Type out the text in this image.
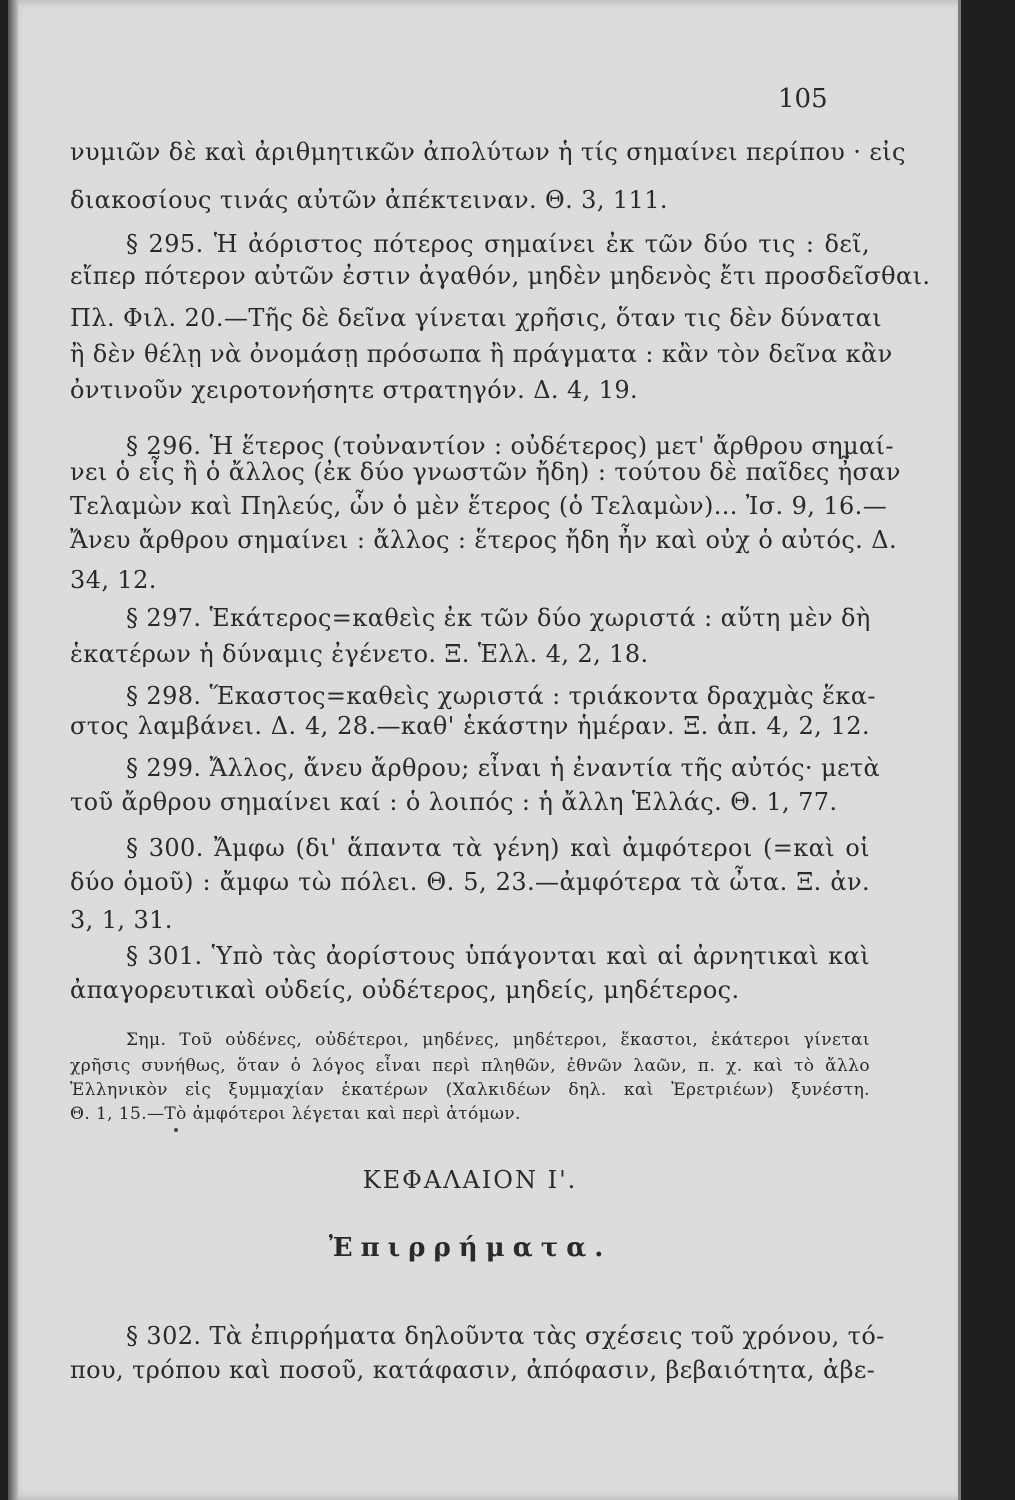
105
νυμιῶν δὲ καὶ ἀριθμητικῶν ἀπολύτων ἡ τίς σημαίνει περίπου · εἰς
διακοσίους τινάς αὐτῶν ἀπέκτειναν. Θ. 3, 111.
§ 295. Ἡ ἀόριστος πότερος σημαίνει ἐκ τῶν δύο τις : δεῖ,
εἴπερ πότερον αὐτῶν ἐστιν ἀγαθόν, μηδὲν μηδενὸς ἔτι προσδεῖσθαι.
Πλ. Φιλ. 20.—Τῆς δὲ δεῖνα γίνεται χρῆσις, ὅταν τις δὲν δύναται
ἢ δὲν θέλῃ νὰ ὀνομάσῃ πρόσωπα ἢ πράγματα : κἂν τὸν δεῖνα κἂν
ὀντινοῦν χειροτονήσητε στρατηγόν. Δ. 4, 19.
§ 296. Ἡ ἕτερος (τοὐναντίον : οὐδέτερος) μετ' ἄρθρου σημαί-
νει ὁ εἷς ἢ ὁ ἄλλος (ἐκ δύο γνωστῶν ἤδη) : τούτου δὲ παῖδες ἦσαν
Τελαμὼν καὶ Πηλεύς, ὧν ὁ μὲν ἕτερος (ὁ Τελαμὼν)... Ἰσ. 9, 16.—
Ἄνευ ἄρθρου σημαίνει : ἄλλος : ἕτερος ἤδη ἦν καὶ οὐχ ὁ αὐτός. Δ.
34, 12.
§ 297. Ἑκάτερος=καθεὶς ἐκ τῶν δύο χωριστά : αὕτη μὲν δὴ
ἑκατέρων ἡ δύναμις ἐγένετο. Ξ. Ἑλλ. 4, 2, 18.
§ 298. Ἕκαστος=καθεὶς χωριστά : τριάκοντα δραχμὰς ἕκα-
στος λαμβάνει. Δ. 4, 28.—καθ' ἑκάστην ἡμέραν. Ξ. ἀπ. 4, 2, 12.
§ 299. Ἄλλος, ἄνευ ἄρθρου; εἶναι ἡ ἐναντία τῆς αὐτός· μετὰ
τοῦ ἄρθρου σημαίνει καί : ὁ λοιπός : ἡ ἄλλη Ἑλλάς. Θ. 1, 77.
§ 300. Ἄμφω (δι' ἅπαντα τὰ γένη) καὶ ἀμφότεροι (=καὶ οἱ
δύο ὁμοῦ) : ἄμφω τὼ πόλει. Θ. 5, 23.—ἀμφότερα τὰ ὦτα. Ξ. ἀν.
3, 1, 31.
§ 301. Ὑπὸ τὰς ἀορίστους ὑπάγονται καὶ αἱ ἀρνητικαὶ καὶ
ἀπαγορευτικαὶ οὐδείς, οὐδέτερος, μηδείς, μηδέτερος.
Σημ. Τοῦ οὐδένες, οὐδέτεροι, μηδένες, μηδέτεροι, ἕκαστοι, ἑκάτεροι γίνεται
χρῆσις συνήθως, ὅταν ὁ λόγος εἶναι περὶ πληθῶν, ἐθνῶν λαῶν, π. χ. καὶ τὸ ἄλλο
Ἑλληνικὸν εἰς ξυμμαχίαν ἑκατέρων (Χαλκιδέων δηλ. καὶ Ἐρετριέων) ξυνέστη.
Θ. 1, 15.—Τὸ ἀμφότεροι λέγεται καὶ περὶ ἀτόμων.
ΚΕΦΑΛΑΙΟΝ Ι'.
Ἐπιρρήματα.
§ 302. Τὰ ἐπιρρήματα δηλοῦντα τὰς σχέσεις τοῦ χρόνου, τό-
που, τρόπου καὶ ποσοῦ, κατάφασιν, ἀπόφασιν, βεβαιότητα, ἀβε-
